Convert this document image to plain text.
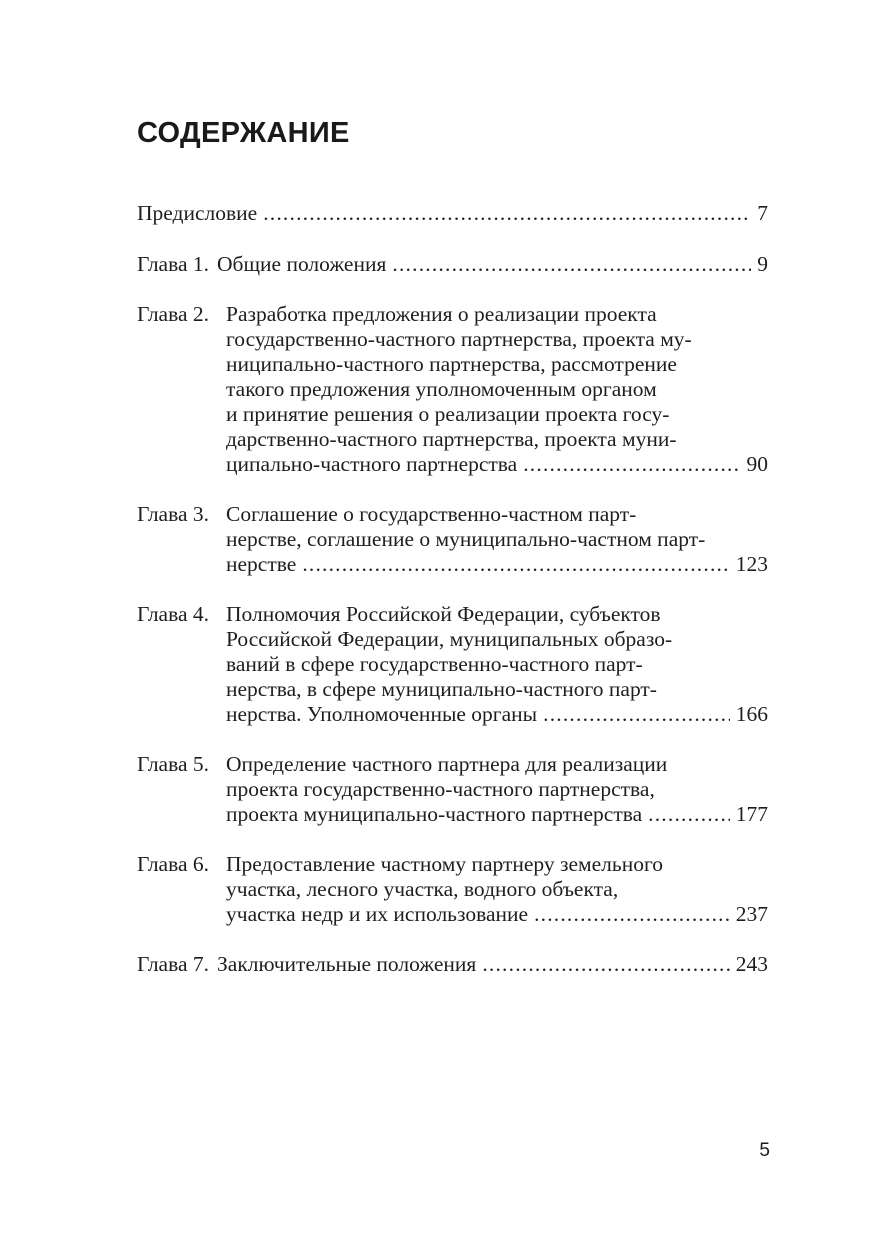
СОДЕРЖАНИЕ
Предисловие .....	7
Глава 1. Общие положения .....	9
Глава 2. Разработка предложения о реализации проекта
государственно-частного партнерства, проекта му-
ниципально-частного партнерства, рассмотрение
такого предложения уполномоченным органом
и принятие решения о реализации проекта госу-
дарственно-частного партнерства, проекта муни-
ципально-частного партнерства .....	90
Глава 3. Соглашение о государственно-частном парт-
нерстве, соглашение о муниципально-частном парт-
нерстве .....	123
Глава 4. Полномочия Российской Федерации, субъектов
Российской Федерации, муниципальных образо-
ваний в сфере государственно-частного парт-
нерства, в сфере муниципально-частного парт-
нерства. Уполномоченные органы .....	166
Глава 5. Определение частного партнера для реализации
проекта государственно-частного партнерства,
проекта муниципально-частного партнерства .....	177
Глава 6. Предоставление частному партнеру земельного
участка, лесного участка, водного объекта,
участка недр и их использование .....	237
Глава 7. Заключительные положения .....	243
5
